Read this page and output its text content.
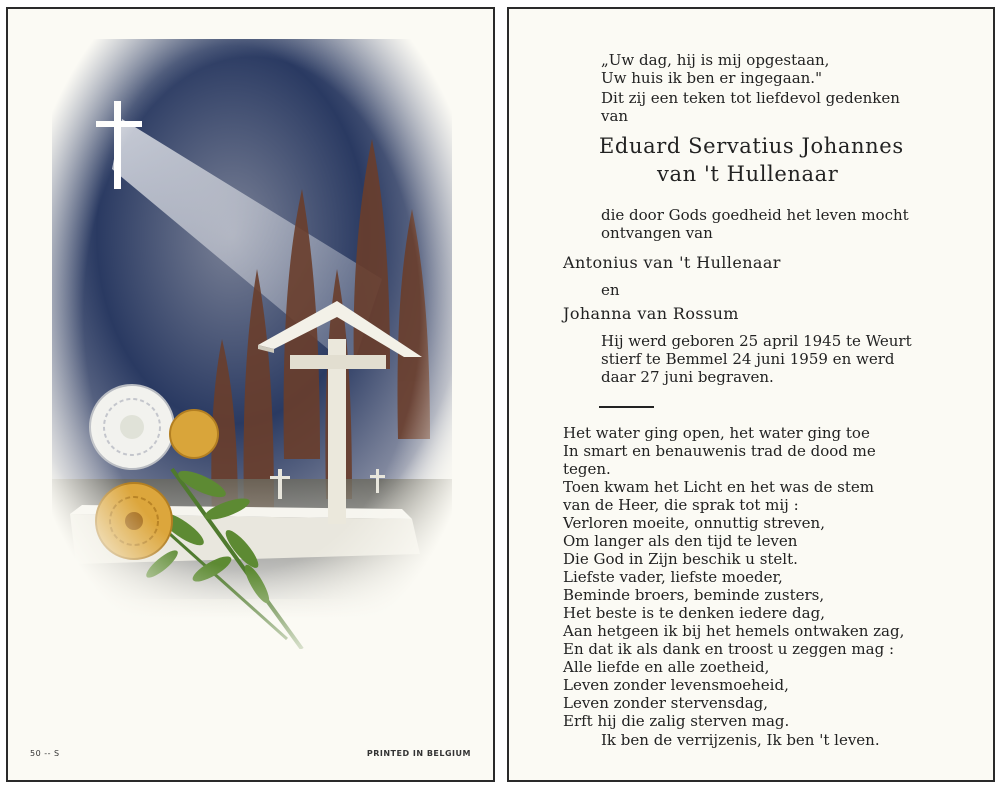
50 -- S	PRINTED IN BELGIUM
„Uw dag, hij is mij opgestaan,
Uw huis ik ben er ingegaan."
Dit zij een teken tot liefdevol gedenken
van
Eduard Servatius Johannes
van 't Hullenaar
die door Gods goedheid het leven mocht
ontvangen van
Antonius van 't Hullenaar
en
Johanna van Rossum
Hij werd geboren 25 april 1945 te Weurt
stierf te Bemmel 24 juni 1959 en werd
daar 27 juni begraven.
Het water ging open, het water ging toe
In smart en benauwenis trad de dood me
tegen.
Toen kwam het Licht en het was de stem
van de Heer, die sprak tot mij :
Verloren moeite, onnuttig streven,
Om langer als den tijd te leven
Die God in Zijn beschik u stelt.
Liefste vader, liefste moeder,
Beminde broers, beminde zusters,
Het beste is te denken iedere dag,
Aan hetgeen ik bij het hemels ontwaken zag,
En dat ik als dank en troost u zeggen mag :
Alle liefde en alle zoetheid,
Leven zonder levensmoeheid,
Leven zonder stervensdag,
Erft hij die zalig sterven mag.
Ik ben de verrijzenis, Ik ben 't leven.
